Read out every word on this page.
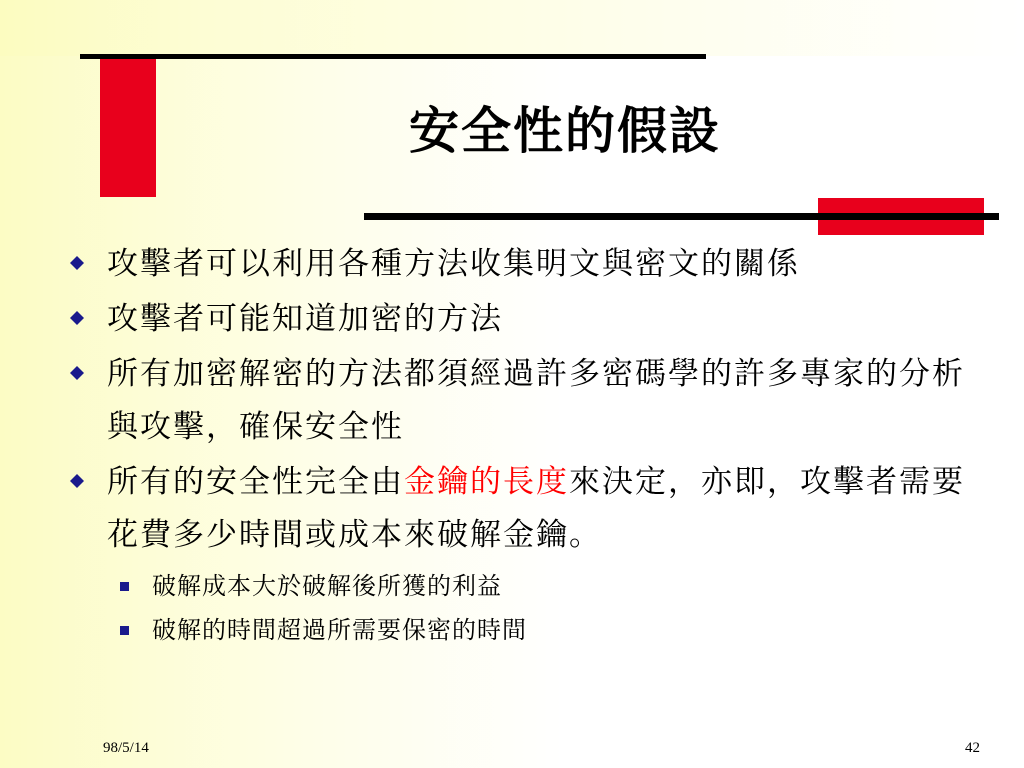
安全性的假設
攻擊者可以利用各種方法收集明文與密文的關係
攻擊者可能知道加密的方法
所有加密解密的方法都須經過許多密碼學的許多專家的分析與攻擊，確保安全性
所有的安全性完全由金鑰的長度來決定，亦即，攻擊者需要花費多少時間或成本來破解金鑰。
破解成本大於破解後所獲的利益
破解的時間超過所需要保密的時間
98/5/14	42
